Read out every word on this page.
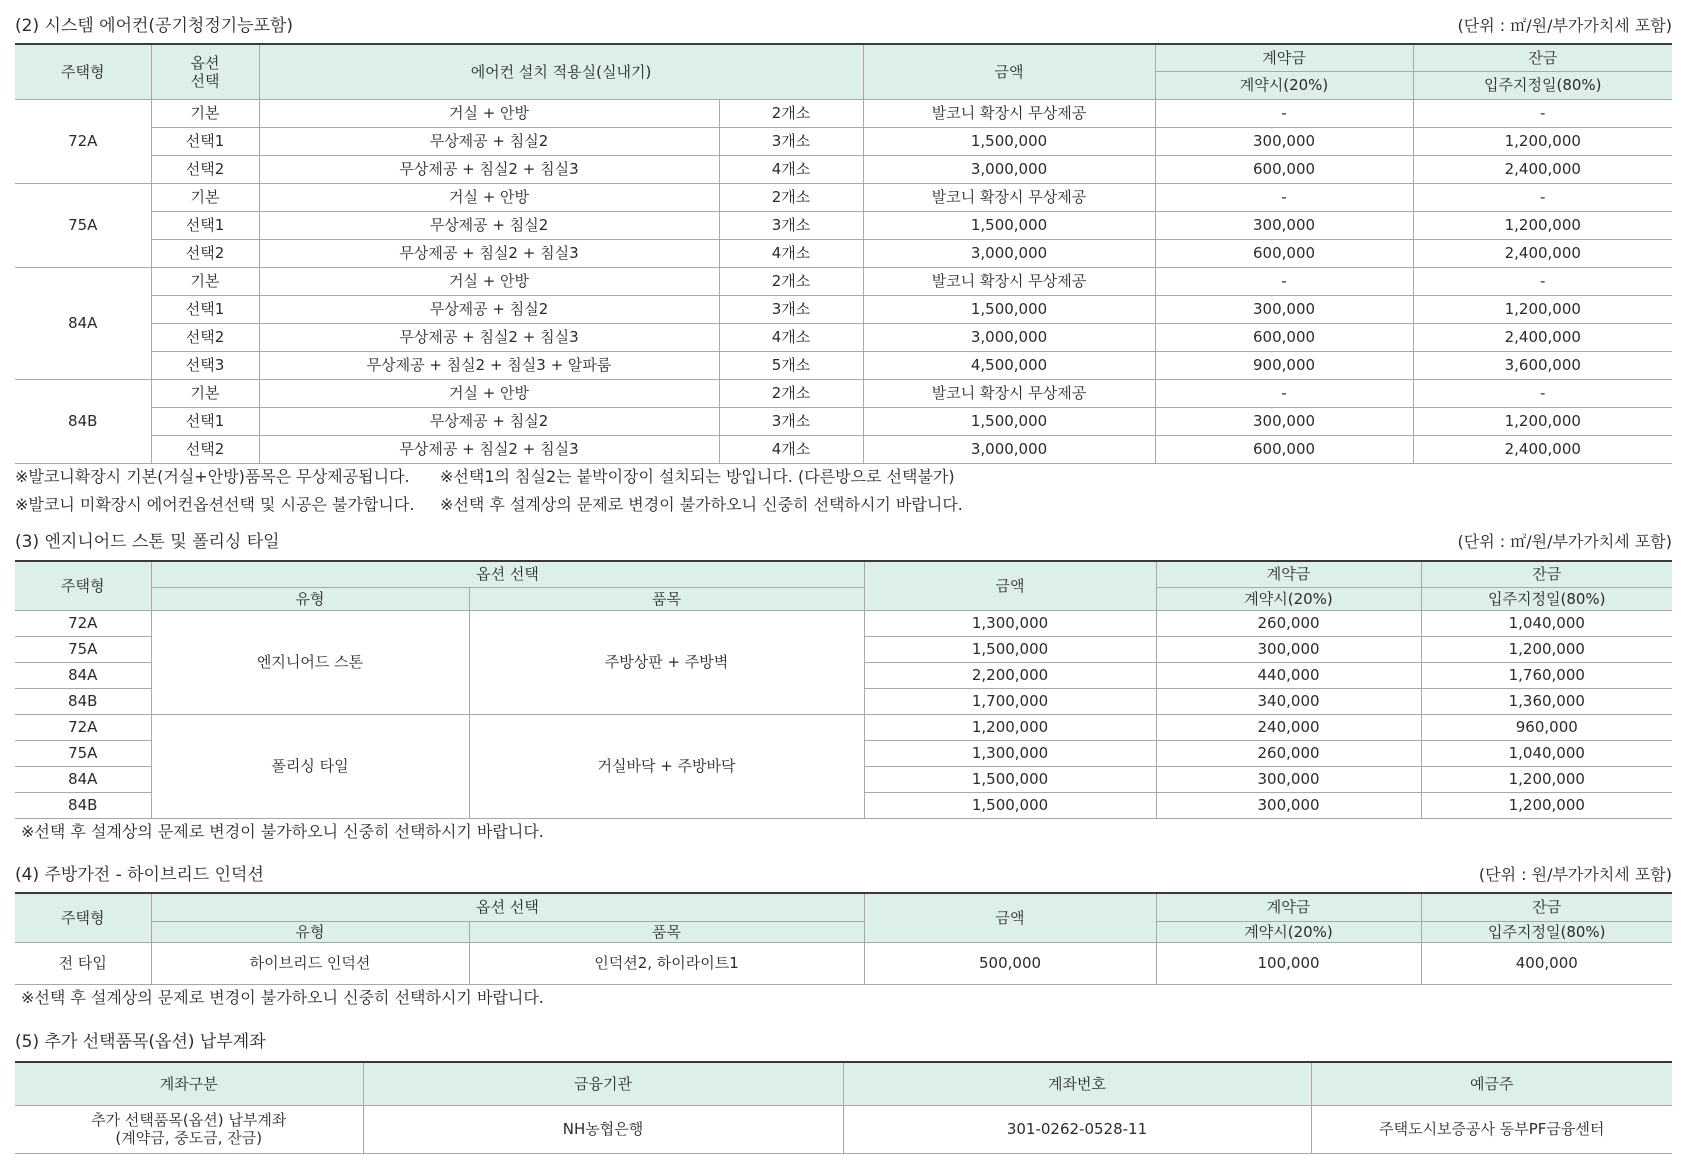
(2) 시스템 에어컨(공기청정기능포함)	(단위 : ㎡/원/부가가치세 포함)
주택형	옵션
선택	에어컨 설치 적용실(실내기)		금액	계약금	잔금
					계약시(20%)	입주지정일(80%)
72A	기본	거실 + 안방	2개소	발코니 확장시 무상제공	-	-
	선택1	무상제공 + 침실2	3개소	1,500,000	300,000	1,200,000
	선택2	무상제공 + 침실2 + 침실3	4개소	3,000,000	600,000	2,400,000
75A	기본	거실 + 안방	2개소	발코니 확장시 무상제공	-	-
	선택1	무상제공 + 침실2	3개소	1,500,000	300,000	1,200,000
	선택2	무상제공 + 침실2 + 침실3	4개소	3,000,000	600,000	2,400,000
84A	기본	거실 + 안방	2개소	발코니 확장시 무상제공	-	-
	선택1	무상제공 + 침실2	3개소	1,500,000	300,000	1,200,000
	선택2	무상제공 + 침실2 + 침실3	4개소	3,000,000	600,000	2,400,000
	선택3	무상제공 + 침실2 + 침실3 + 알파룸	5개소	4,500,000	900,000	3,600,000
84B	기본	거실 + 안방	2개소	발코니 확장시 무상제공	-	-
	선택1	무상제공 + 침실2	3개소	1,500,000	300,000	1,200,000
	선택2	무상제공 + 침실2 + 침실3	4개소	3,000,000	600,000	2,400,000
※발코니확장시 기본(거실+안방)품목은 무상제공됩니다. ※선택1의 침실2는 붙박이장이 설치되는 방입니다. (다른방으로 선택불가)
※발코니 미확장시 에어컨옵션선택 및 시공은 불가합니다. ※선택 후 설계상의 문제로 변경이 불가하오니 신중히 선택하시기 바랍니다.
(3) 엔지니어드 스톤 및 폴리싱 타일	(단위 : ㎡/원/부가가치세 포함)
주택형	옵션 선택		금액	계약금	잔금
	유형	품목		계약시(20%)	입주지정일(80%)
72A	엔지니어드 스톤	주방상판 + 주방벽	1,300,000	260,000	1,040,000
75A			1,500,000	300,000	1,200,000
84A			2,200,000	440,000	1,760,000
84B			1,700,000	340,000	1,360,000
72A	폴리싱 타일	거실바닥 + 주방바닥	1,200,000	240,000	960,000
75A			1,300,000	260,000	1,040,000
84A			1,500,000	300,000	1,200,000
84B			1,500,000	300,000	1,200,000
※선택 후 설계상의 문제로 변경이 불가하오니 신중히 선택하시기 바랍니다.
(4) 주방가전 - 하이브리드 인덕션	(단위 : 원/부가가치세 포함)
주택형	옵션 선택		금액	계약금	잔금
	유형	품목		계약시(20%)	입주지정일(80%)
전 타입	하이브리드 인덕션	인덕션2, 하이라이트1	500,000	100,000	400,000
※선택 후 설계상의 문제로 변경이 불가하오니 신중히 선택하시기 바랍니다.
(5) 추가 선택품목(옵션) 납부계좌
계좌구분	금융기관	계좌번호	예금주
추가 선택품목(옵션) 납부계좌
(계약금, 중도금, 잔금)	NH농협은행	301-0262-0528-11	주택도시보증공사 동부PF금융센터
